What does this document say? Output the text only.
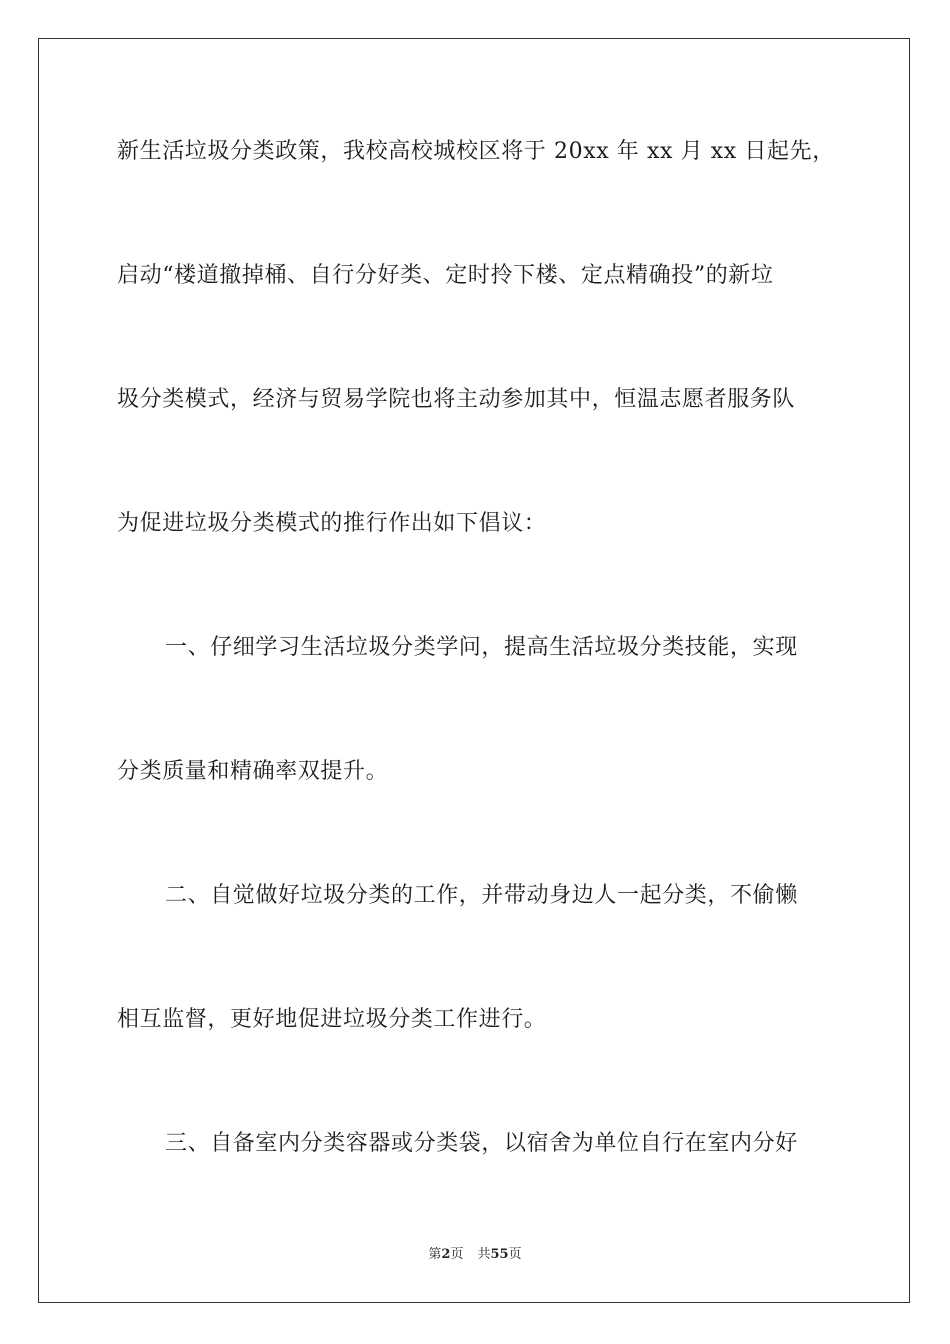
新生活垃圾分类政策，我校高校城校区将于 20xx 年 xx 月 xx 日起先，
启动“楼道撤掉桶、自行分好类、定时拎下楼、定点精确投”的新垃
圾分类模式，经济与贸易学院也将主动参加其中，恒温志愿者服务队
为促进垃圾分类模式的推行作出如下倡议：
一、仔细学习生活垃圾分类学问，提高生活垃圾分类技能，实现
分类质量和精确率双提升。
二、自觉做好垃圾分类的工作，并带动身边人一起分类，不偷懒
相互监督，更好地促进垃圾分类工作进行。
三、自备室内分类容器或分类袋，以宿舍为单位自行在室内分好
第2页 共55页
